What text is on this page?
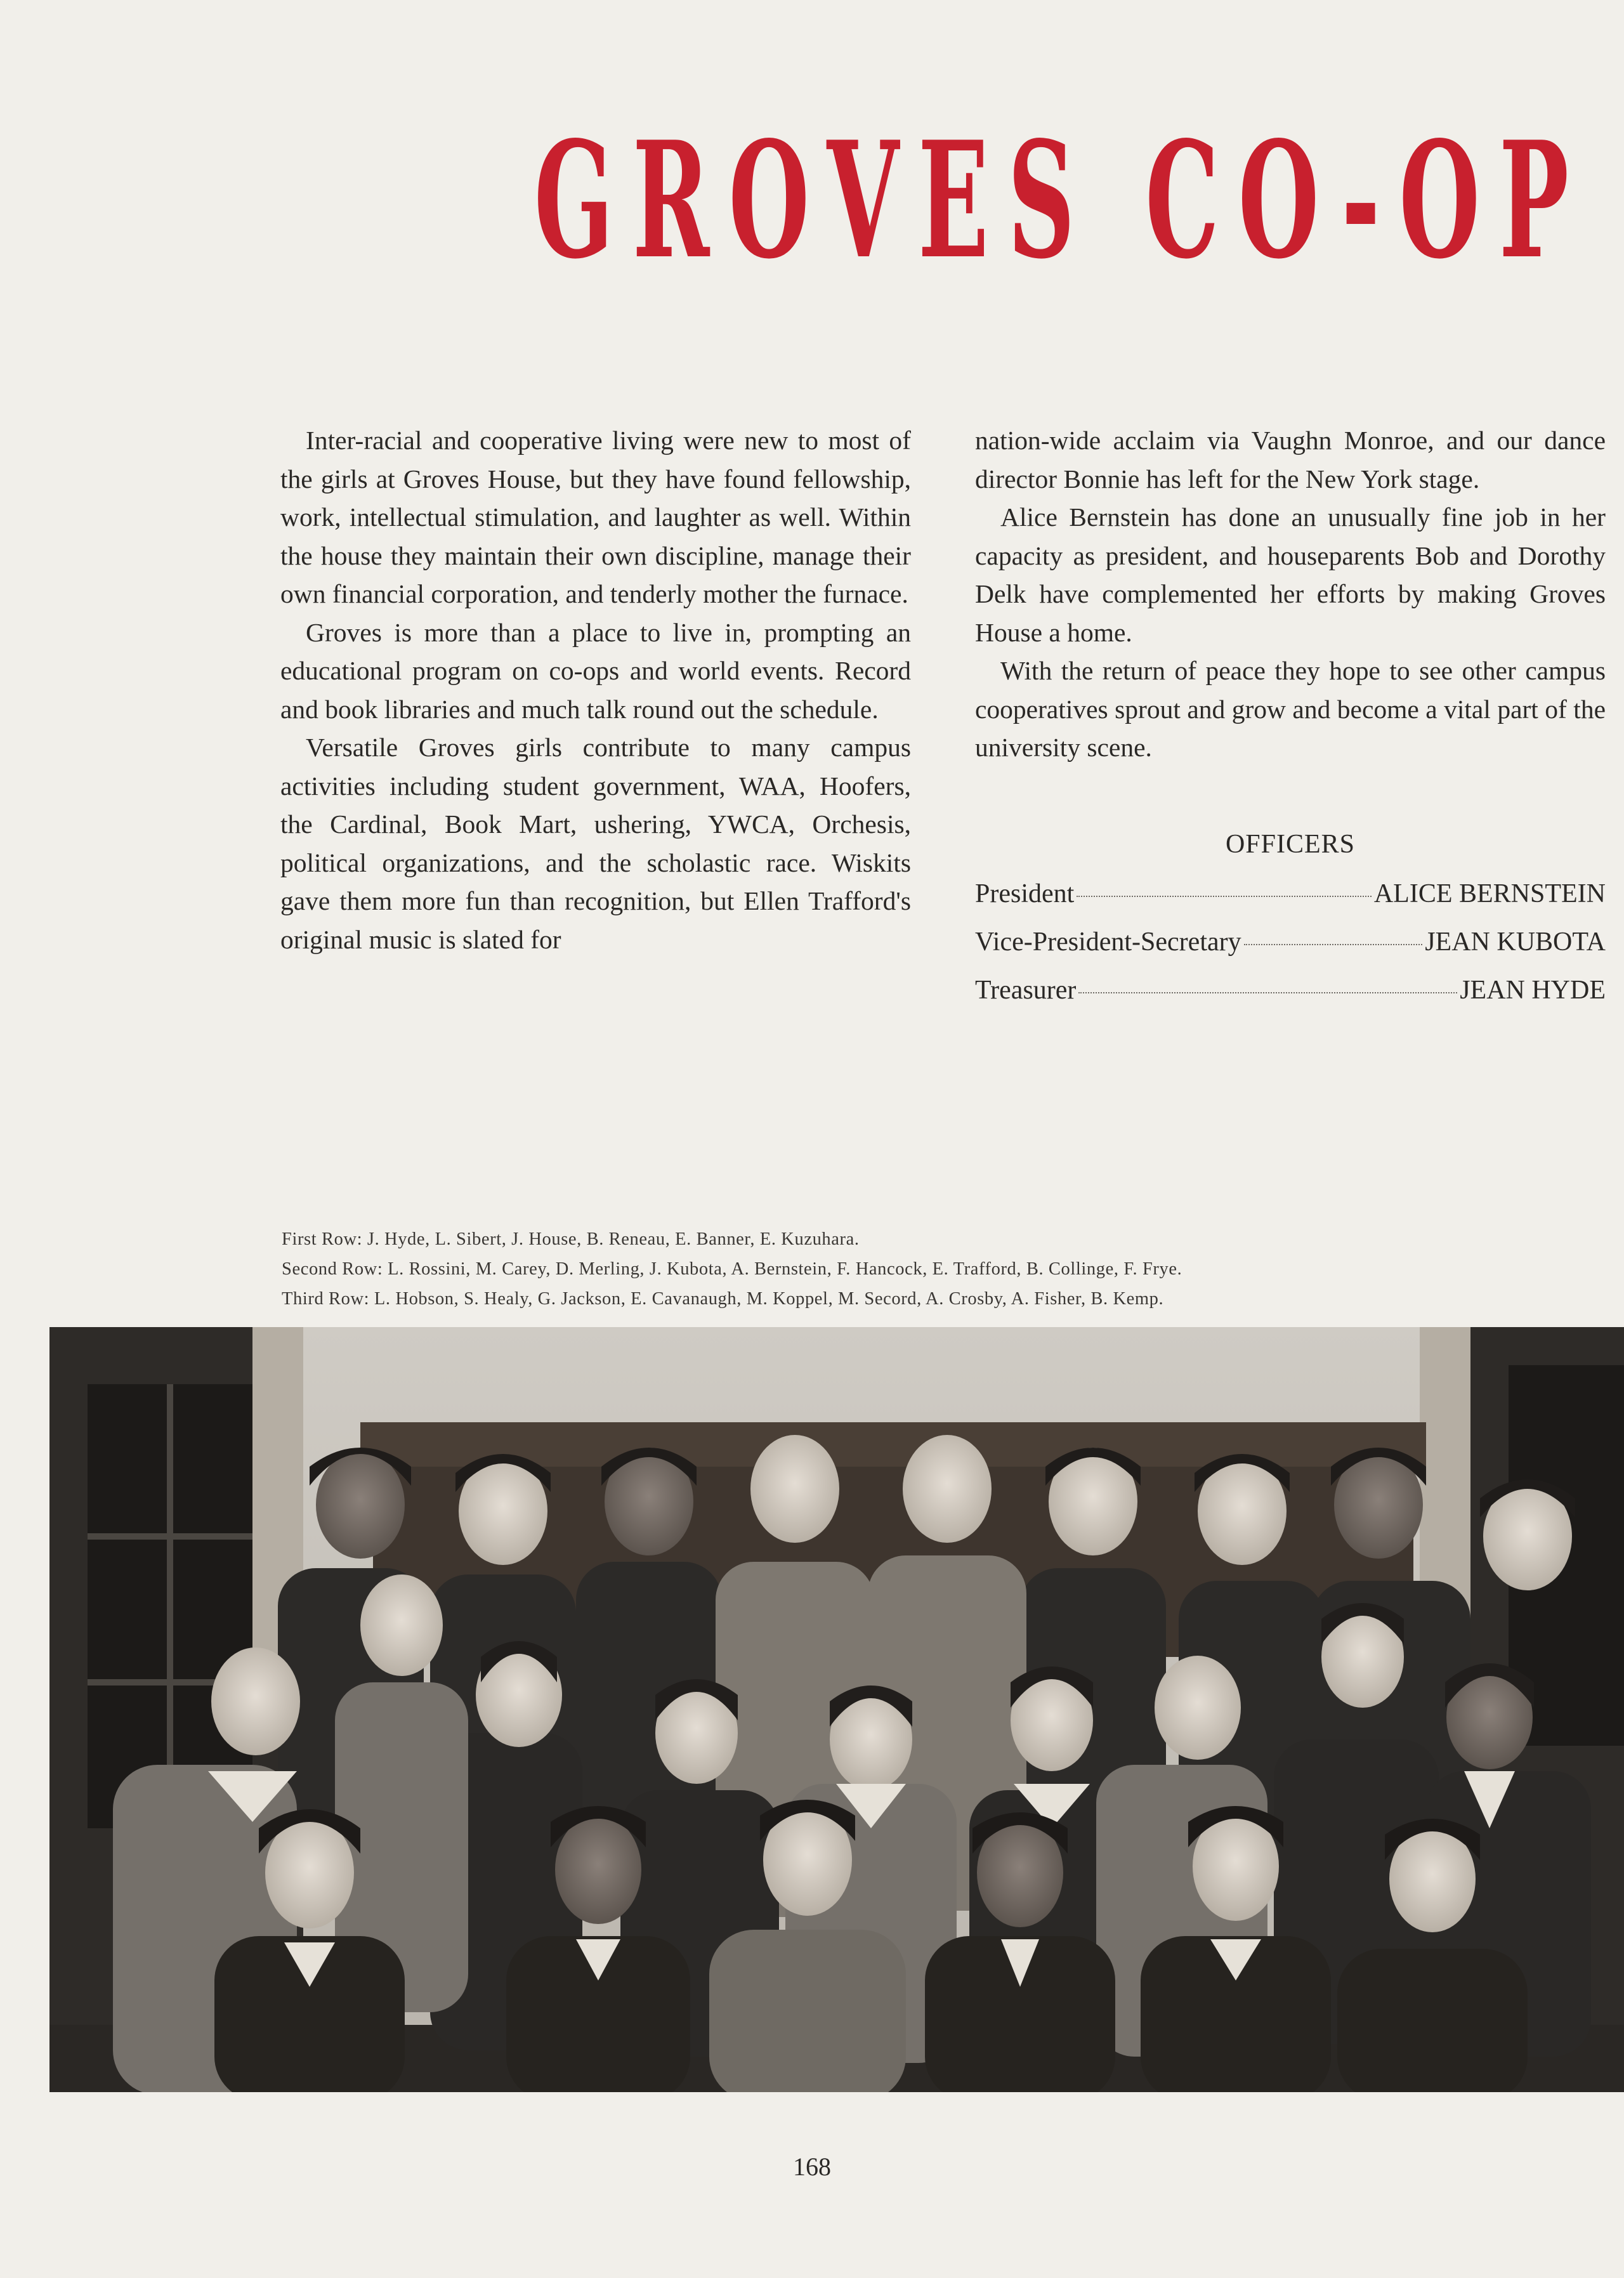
GROVES CO-OP

Inter-racial and cooperative living were new to most of the girls at Groves House, but they have found fellowship, work, intellectual stimulation, and laughter as well. Within the house they maintain their own discipline, manage their own financial corporation, and tenderly mother the furnace.

Groves is more than a place to live in, prompting an educational program on co-ops and world events. Record and book libraries and much talk round out the schedule.

Versatile Groves girls contribute to many campus activities including student government, WAA, Hoofers, the Cardinal, Book Mart, ushering, YWCA, Orchesis, political organizations, and the scholastic race. Wiskits gave them more fun than recognition, but Ellen Trafford's original music is slated for

nation-wide acclaim via Vaughn Monroe, and our dance director Bonnie has left for the New York stage.

Alice Bernstein has done an unusually fine job in her capacity as president, and houseparents Bob and Dorothy Delk have complemented her efforts by making Groves House a home.

With the return of peace they hope to see other campus cooperatives sprout and grow and become a vital part of the university scene.

OFFICERS
President	ALICE BERNSTEIN
Vice-President-Secretary	JEAN KUBOTA
Treasurer	JEAN HYDE
First Row: J. Hyde, L. Sibert, J. House, B. Reneau, E. Banner, E. Kuzuhara.
Second Row: L. Rossini, M. Carey, D. Merling, J. Kubota, A. Bernstein, F. Hancock, E. Trafford, B. Collinge, F. Frye.
Third Row: L. Hobson, S. Healy, G. Jackson, E. Cavanaugh, M. Koppel, M. Secord, A. Crosby, A. Fisher, B. Kemp.
168
